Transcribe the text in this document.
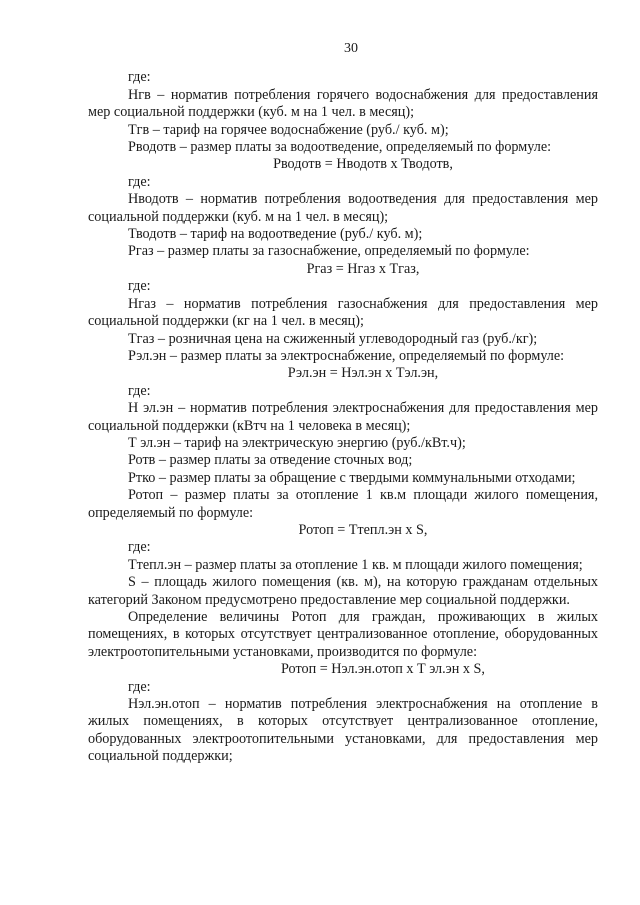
30

где:

Нгв – норматив потребления горячего водоснабжения для предоставления мер социальной поддержки (куб. м на 1 чел. в месяц);

Тгв – тариф на горячее водоснабжение (руб./ куб. м);

Рводотв – размер платы за водоотведение, определяемый по формуле:

Рводотв = Нводотв х Тводотв,

где:

Нводотв – норматив потребления водоотведения для предоставления мер социальной поддержки (куб. м на 1 чел. в месяц);

Тводотв – тариф на водоотведение (руб./ куб. м);

Ргаз – размер платы за газоснабжение, определяемый по формуле:

Ргаз = Нгаз х Тгаз,

где:

Нгаз – норматив потребления газоснабжения для предоставления мер социальной поддержки (кг на 1 чел. в месяц);

Тгаз – розничная цена на сжиженный углеводородный газ (руб./кг);

Рэл.эн – размер платы за электроснабжение, определяемый по формуле:

Рэл.эн = Нэл.эн х Тэл.эн,

где:

Н эл.эн – норматив потребления электроснабжения для предоставления мер социальной поддержки (кВтч на 1 человека в месяц);

Т эл.эн – тариф на электрическую энергию (руб./кВт.ч);

Ротв – размер платы за отведение сточных вод;

Ртко – размер платы за обращение с твердыми коммунальными отходами;

Ротоп – размер платы за отопление 1 кв.м площади жилого помещения, определяемый по формуле:

Ротоп = Ттепл.эн х S,

где:

Ттепл.эн – размер платы за отопление 1 кв. м площади жилого помещения;

S – площадь жилого помещения (кв. м), на которую гражданам отдельных категорий Законом предусмотрено предоставление мер социальной поддержки.

Определение величины Ротоп для граждан, проживающих в жилых помещениях, в которых отсутствует централизованное отопление, оборудованных электроотопительными установками, производится по формуле:

Ротоп = Нэл.эн.отоп х Т эл.эн х S,

где:

Нэл.эн.отоп – норматив потребления электроснабжения на отопление в жилых помещениях, в которых отсутствует централизованное отопление, оборудованных электроотопительными установками, для предоставления мер социальной поддержки;
